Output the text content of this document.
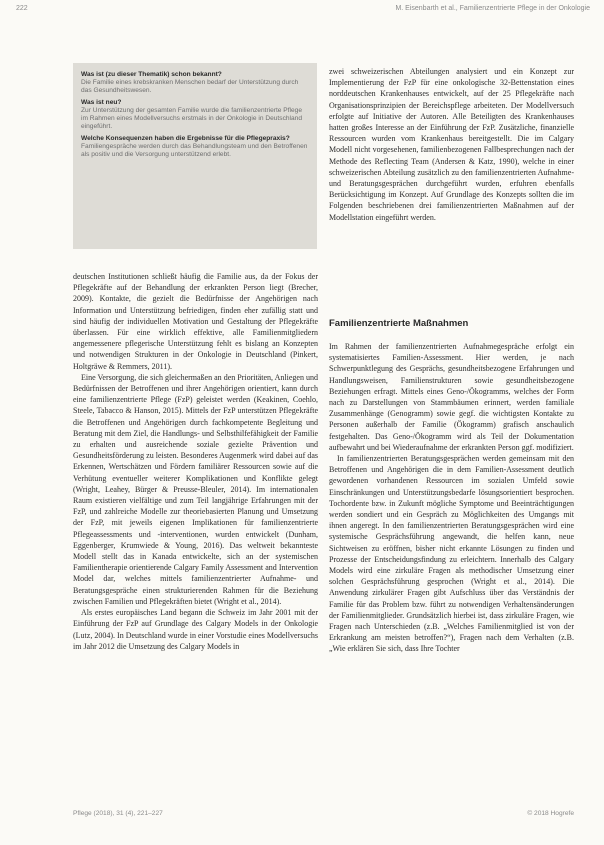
222	M. Eisenbarth et al., Familienzentrierte Pflege in der Onkologie
Was ist (zu dieser Thematik) schon bekannt?
Die Familie eines krebskranken Menschen bedarf der Unterstützung durch das Gesundheitswesen.
Was ist neu?
Zur Unterstützung der gesamten Familie wurde die familienzentrierte Pflege im Rahmen eines Modellversuchs erstmals in der Onkologie in Deutschland eingeführt.
Welche Konsequenzen haben die Ergebnisse für die Pflegepraxis?
Familiengespräche werden durch das Behandlungsteam und den Betroffenen als positiv und die Versorgung unterstützend erlebt.

deutschen Institutionen schließt häufig die Familie aus, da der Fokus der Pflegekräfte auf der Behandlung der erkrankten Person liegt (Brecher, 2009). Kontakte, die gezielt die Bedürfnisse der Angehörigen nach Information und Unterstützung befriedigen, finden eher zufällig statt und sind häufig der individuellen Motivation und Gestaltung der Pflegekräfte überlassen. Für eine wirklich effektive, alle Familienmitgliedern angemessenere pflegerische Unterstützung fehlt es bislang an Konzepten und notwendigen Strukturen in der Onkologie in Deutschland (Pinkert, Holtgräwe & Remmers, 2011).

Eine Versorgung, die sich gleichermaßen an den Prioritäten, Anliegen und Bedürfnissen der Betroffenen und ihrer Angehörigen orientiert, kann durch eine familienzentrierte Pflege (FzP) geleistet werden (Keakinen, Coehlo, Steele, Tabacco & Hanson, 2015). Mittels der FzP unterstützen Pflegekräfte die Betroffenen und Angehörigen durch fachkompetente Begleitung und Beratung mit dem Ziel, die Handlungs- und Selbsthilfefähigkeit der Familie zu erhalten und ausreichende soziale gezielte Prävention und Gesundheitsförderung zu leisten. Besonderes Augenmerk wird dabei auf das Erkennen, Wertschätzen und Fördern familiärer Ressourcen sowie auf die Verhütung eventueller weiterer Komplikationen und Konflikte gelegt (Wright, Leahey, Bürger & Preusse-Bleuler, 2014). Im internationalen Raum existieren vielfältige und zum Teil langjährige Erfahrungen mit der FzP, und zahlreiche Modelle zur theoriebasierten Planung und Umsetzung der FzP, mit jeweils eigenen Implikationen für familienzentrierte Pflegeassessments und -interventionen, wurden entwickelt (Dunham, Eggenberger, Krumwiede & Young, 2016). Das weltweit bekannteste Modell stellt das in Kanada entwickelte, sich an der systemischen Familientherapie orientierende Calgary Family Assessment and Intervention Model dar, welches mittels familienzentrierter Aufnahme- und Beratungsgespräche einen strukturierenden Rahmen für die Beziehung zwischen Familien und Pflegekräften bietet (Wright et al., 2014).

Als erstes europäisches Land begann die Schweiz im Jahr 2001 mit der Einführung der FzP auf Grundlage des Calgary Models in der Onkologie (Lutz, 2004). In Deutschland wurde in einer Vorstudie eines Modellversuchs im Jahr 2012 die Umsetzung des Calgary Models in

zwei schweizerischen Abteilungen analysiert und ein Konzept zur Implementierung der FzP für eine onkologische 32-Bettenstation eines norddeutschen Krankenhauses entwickelt, auf der 25 Pflegekräfte nach Organisationsprinzipien der Bereichspflege arbeiteten. Der Modellversuch erfolgte auf Initiative der Autoren. Alle Beteiligten des Krankenhauses hatten großes Interesse an der Einführung der FzP. Zusätzliche, finanzielle Ressourcen wurden vom Krankenhaus bereitgestellt. Die im Calgary Modell nicht vorgesehenen, familienbezogenen Fallbesprechungen nach der Methode des Reflecting Team (Andersen & Katz, 1990), welche in einer schweizerischen Abteilung zusätzlich zu den familienzentrierten Aufnahme- und Beratungsgesprächen durchgeführt wurden, erfuhren ebenfalls Berücksichtigung im Konzept. Auf Grundlage des Konzepts sollten die im Folgenden beschriebenen drei familienzentrierten Maßnahmen auf der Modellstation eingeführt werden.

Familienzentrierte Maßnahmen

Im Rahmen der familienzentrierten Aufnahmegespräche erfolgt ein systematisiertes Familien-Assessment. Hier werden, je nach Schwerpunktlegung des Gesprächs, gesundheitsbezogene Erfahrungen und Handlungsweisen, Familienstrukturen sowie gesundheitsbezogene Beziehungen erfragt. Mittels eines Geno-/Ökogramms, welches der Form nach zu Darstellungen von Stammbäumen erinnert, werden familiale Zusammenhänge (Genogramm) sowie gegf. die wichtigsten Kontakte zu Personen außerhalb der Familie (Ökogramm) grafisch anschaulich festgehalten. Das Geno-/Ökogramm wird als Teil der Dokumentation aufbewahrt und bei Wiederaufnahme der erkrankten Person ggf. modifiziert.

In familienzentrierten Beratungsgesprächen werden gemeinsam mit den Betroffenen und Angehörigen die in dem Familien-Assessment deutlich gewordenen vorhandenen Ressourcen im sozialen Umfeld sowie Einschränkungen und Unterstützungsbedarfe lösungsorientiert besprochen. Tochordente bzw. in Zukunft mögliche Symptome und Beeinträchtigungen werden sondiert und ein Gespräch zu Möglichkeiten des Umgangs mit ihnen angeregt. In den familienzentrierten Beratungsgesprächen wird eine systemische Gesprächsführung angewandt, die helfen kann, neue Sichtweisen zu eröffnen, bisher nicht erkannte Lösungen zu finden und Prozesse der Entscheidungsfindung zu erleichtern. Innerhalb des Calgary Models wird eine zirkuläre Fragen als methodischer Umsetzung einer solchen Gesprächsführung gesprochen (Wright et al., 2014). Die Anwendung zirkulärer Fragen gibt Aufschluss über das Verständnis der Familie für das Problem bzw. führt zu notwendigen Verhaltensänderungen der Familienmitglieder. Grundsätzlich hierbei ist, dass zirkuläre Fragen, wie Fragen nach Unterschieden (z.B. „Welches Familienmitglied ist von der Erkrankung am meisten betroffen?“), Fragen nach dem Verhalten (z.B. „Wie erklären Sie sich, dass Ihre Tochter

Pflege (2018), 31 (4), 221–227	© 2018 Hogrefe
